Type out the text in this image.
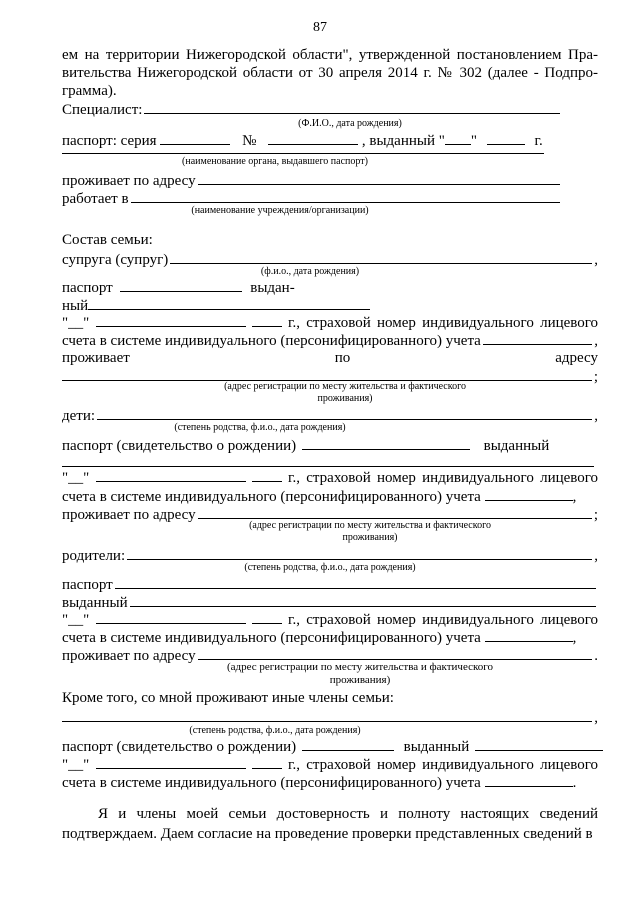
87
ем на территории Нижегородской области", утвержденной постановлением Пра-
вительства Нижегородской области от 30 апреля 2014 г. № 302 (далее - Подпро-
грамма).
Специалист:
(Ф.И.О., дата рождения)
паспорт: серия	№	, выданный " "	г.
(наименование органа, выдавшего паспорт)
проживает по адресу
работает в
(наименование учреждения/организации)
Состав семьи:
супруга (супруг)	,
(ф.и.о., дата рождения)
паспорт	выдан-
ный
"__"	г., страховой номер индивидуального лицевого
счета в системе индивидуального (персонифицированного) учета	,
проживает	по	адресу
;
(адрес регистрации по месту жительства и фактического
проживания)
дети:	,
(степень родства, ф.и.о., дата рождения)
паспорт (свидетельство о рождении)	выданный
"__"	г., страховой номер индивидуального лицевого
счета в системе индивидуального (персонифицированного) учета	,
проживает по адресу	;
(адрес регистрации по месту жительства и фактического
проживания)
родители:	,
(степень родства, ф.и.о., дата рождения)
паспорт
выданный
"__"	г., страховой номер индивидуального лицевого
счета в системе индивидуального (персонифицированного) учета	,
проживает по адресу	.
(адрес регистрации по месту жительства и фактического
проживания)
Кроме того, со мной проживают иные члены семьи:
,
(степень родства, ф.и.о., дата рождения)
паспорт (свидетельство о рождении)	выданный
"__"	г., страховой номер индивидуального лицевого
счета в системе индивидуального (персонифицированного) учета	.
Я и члены моей семьи достоверность и полноту настоящих сведений подтверждаем. Даем согласие на проведение проверки представленных сведений в
